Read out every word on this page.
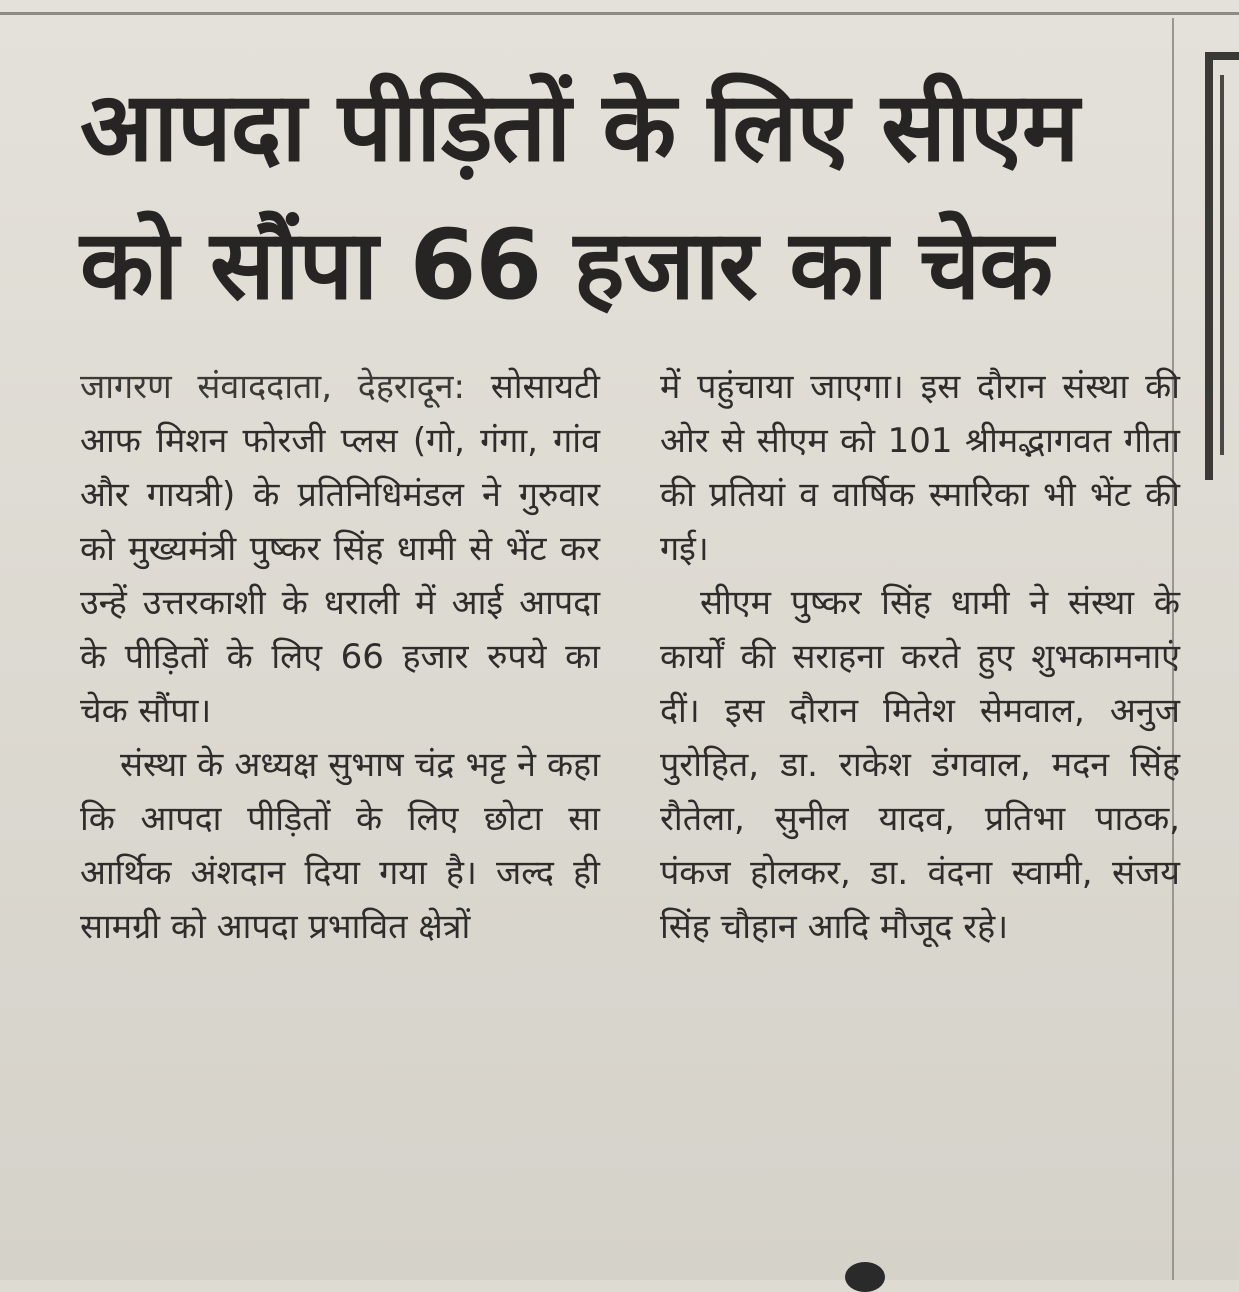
आपदा पीड़ितों के लिए सीएम
को सौंपा 66 हजार का चेक

जागरण संवाददाता, देहरादून: सोसायटी आफ मिशन फोरजी प्लस (गो, गंगा, गांव और गायत्री) के प्रतिनिधिमंडल ने गुरुवार को मुख्यमंत्री पुष्कर सिंह धामी से भेंट कर उन्हें उत्तरकाशी के धराली में आई आपदा के पीड़ितों के लिए 66 हजार रुपये का चेक सौंपा।

संस्था के अध्यक्ष सुभाष चंद्र भट्ट ने कहा कि आपदा पीड़ितों के लिए छोटा सा आर्थिक अंशदान दिया गया है। जल्द ही सामग्री को आपदा प्रभावित क्षेत्रों

में पहुंचाया जाएगा। इस दौरान संस्था की ओर से सीएम को 101 श्रीमद्भागवत गीता की प्रतियां व वार्षिक स्मारिका भी भेंट की गई।

सीएम पुष्कर सिंह धामी ने संस्था के कार्यों की सराहना करते हुए शुभकामनाएं दीं। इस दौरान मितेश सेमवाल, अनुज पुरोहित, डा. राकेश डंगवाल, मदन सिंह रौतेला, सुनील यादव, प्रतिभा पाठक, पंकज होलकर, डा. वंदना स्वामी, संजय सिंह चौहान आदि मौजूद रहे।
